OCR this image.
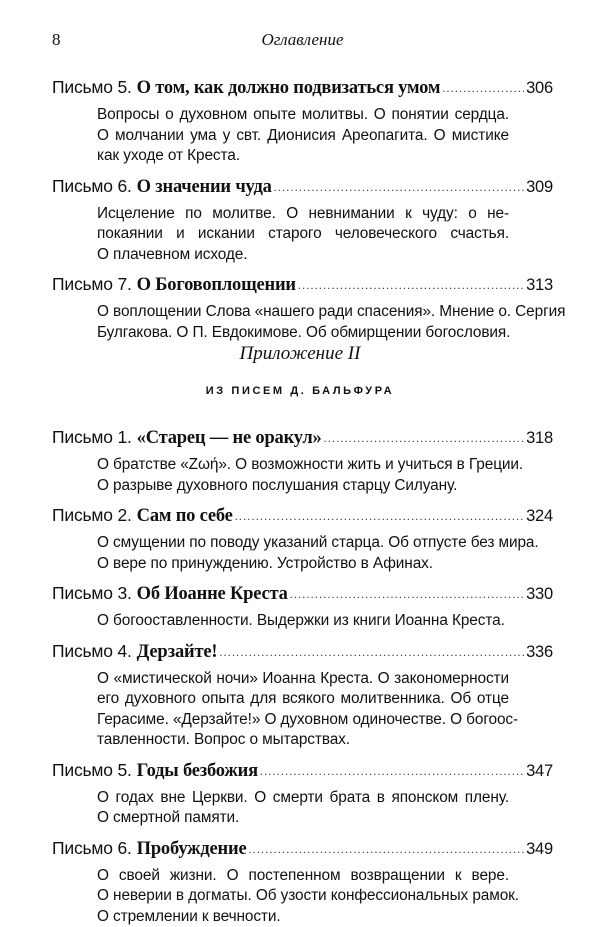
8	Оглавление
Письмо 5. О том, как должно подвизаться умом .....	306
Вопросы о духовном опыте молитвы. О понятии сердца.
О молчании ума у свт. Дионисия Ареопагита. О мистике
как уходе от Креста.
Письмо 6. О значении чуда .....	309
Исцеление по молитве. О невнимании к чуду: о не-
покаянии и искании старого человеческого счастья.
О плачевном исходе.
Письмо 7. О Боговоплощении .....	313
О воплощении Слова «нашего ради спасения». Мнение о. Сергия
Булгакова. О П. Евдокимове. Об обмирщении богословия.
Приложение II
ИЗ ПИСЕМ Д. БАЛЬФУРА
Письмо 1. «Старец — не оракул» .....	318
О братстве «Ζωή». О возможности жить и учиться в Греции.
О разрыве духовного послушания старцу Силуану.
Письмо 2. Сам по себе .....	324
О смущении по поводу указаний старца. Об отпусте без мира.
О вере по принуждению. Устройство в Афинах.
Письмо 3. Об Иоанне Креста .....	330
О богооставленности. Выдержки из книги Иоанна Креста.
Письмо 4. Дерзайте! .....	336
О «мистической ночи» Иоанна Креста. О закономерности
его духовного опыта для всякого молитвенника. Об отце
Герасиме. «Дерзайте!» О духовном одиночестве. О богоос-
тавленности. Вопрос о мытарствах.
Письмо 5. Годы безбожия .....	347
О годах вне Церкви. О смерти брата в японском плену.
О смертной памяти.
Письмо 6. Пробуждение .....	349
О своей жизни. О постепенном возвращении к вере.
О неверии в догматы. Об узости конфессиональных рамок.
О стремлении к вечности.
